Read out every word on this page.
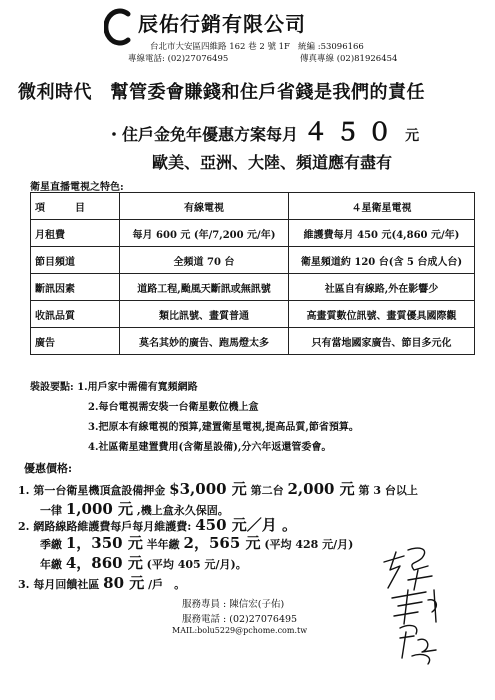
辰佑行銷有限公司
台北市大安區四維路 162 巷 2 號 1F 統編 :53096166
專線電話: (02)27076495	傳真專線 (02)81926454
微利時代　幫管委會賺錢和住戶省錢是我們的責任
・住戶金免年優惠方案每月 ４５０ 元
歐美、亞洲、大陸、頻道應有盡有
衛星直播電視之特色:
項　　　目	有線電視	４星衛星電視
月租費	每月 600 元 (年/7,200 元/年)	維護費每月 450 元(4,860 元/年)
節目頻道	全頻道 70 台	衛星頻道約 120 台(含 5 台成人台)
斷訊因素	道路工程,颱風天斷訊或無訊號	社區自有線路,外在影響少
收訊品質	類比訊號、畫質普通	高畫質數位訊號、畫質優具國際觀
廣告	莫名其妙的廣告、跑馬燈太多	只有當地國家廣告、節目多元化
裝設要點: 1.用戶家中需備有寬頻網路
2.每台電視需安裝一台衛星數位機上盒
3.把原本有線電視的預算,建置衛星電視,提高品質,節省預算。
4.社區衛星建置費用(含衛星設備),分六年返還管委會。
優惠價格:
1. 第一台衛星機頂盒設備押金 $3,000 元 第二台 2,000 元 第 3 台以上
一律 1,000 元 ,機上盒永久保固。
2. 網路線路維護費每戶每月維護費: 450 元／月 。
季繳 1，350 元 半年繳 2，565 元 (平均 428 元/月)
年繳 4，860 元 (平均 405 元/月)。
3. 每月回饋社區 80 元 /戶　。
服務專員 : 陳信宏(子佑)
服務電話 : (02)27076495
MAIL:bolu5229@pchome.com.tw
